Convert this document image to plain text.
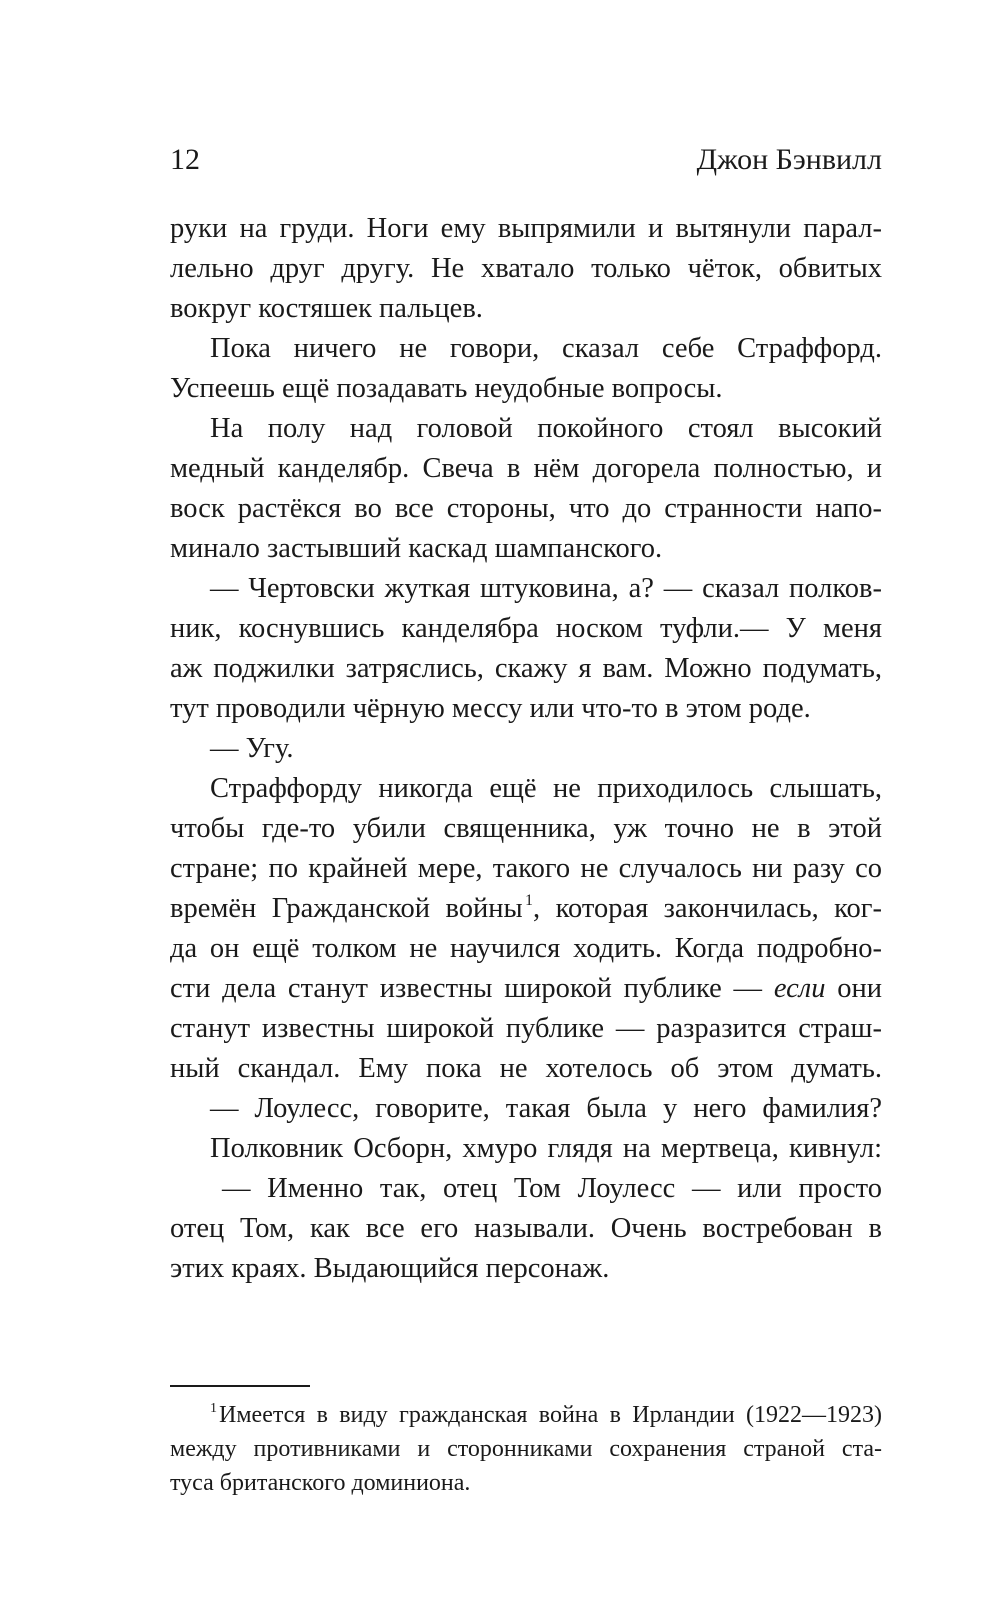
12	Джон Бэнвилл
руки на груди. Ноги ему выпрямили и вытянули парал-
лельно друг другу. Не хватало только чёток, обвитых
вокруг костяшек пальцев.
Пока ничего не говори, сказал себе Страффорд.
Успеешь ещё позадавать неудобные вопросы.
На полу над головой покойного стоял высокий
медный канделябр. Свеча в нём догорела полностью, и
воск растёкся во все стороны, что до странности напо-
минало застывший каскад шампанского.
— Чертовски жуткая штуковина, а? — сказал полков-
ник, коснувшись канделябра носком туфли.— У меня
аж поджилки затряслись, скажу я вам. Можно подумать,
тут проводили чёрную мессу или что-то в этом роде.
— Угу.
Страффорду никогда ещё не приходилось слышать,
чтобы где-то убили священника, уж точно не в этой
стране; по крайней мере, такого не случалось ни разу со
времён Гражданской войны  $^1$, которая закончилась, ког-
да он ещё толком не научился ходить. Когда подробно-
сти дела станут известны широкой публике — если они
станут известны широкой публике — разразится страш-
ный скандал. Ему пока не хотелось об этом думать.
— Лоулесс, говорите, такая была у него фамилия?
Полковник Осборн, хмуро глядя на мертвеца, кивнул:
— Именно так, отец Том Лоулесс — или просто
отец Том, как все его называли. Очень востребован в
этих краях. Выдающийся персонаж.
$^1$ Имеется в виду гражданская война в Ирландии (1922—1923)
между противниками и сторонниками сохранения страной ста-
туса британского доминиона.
